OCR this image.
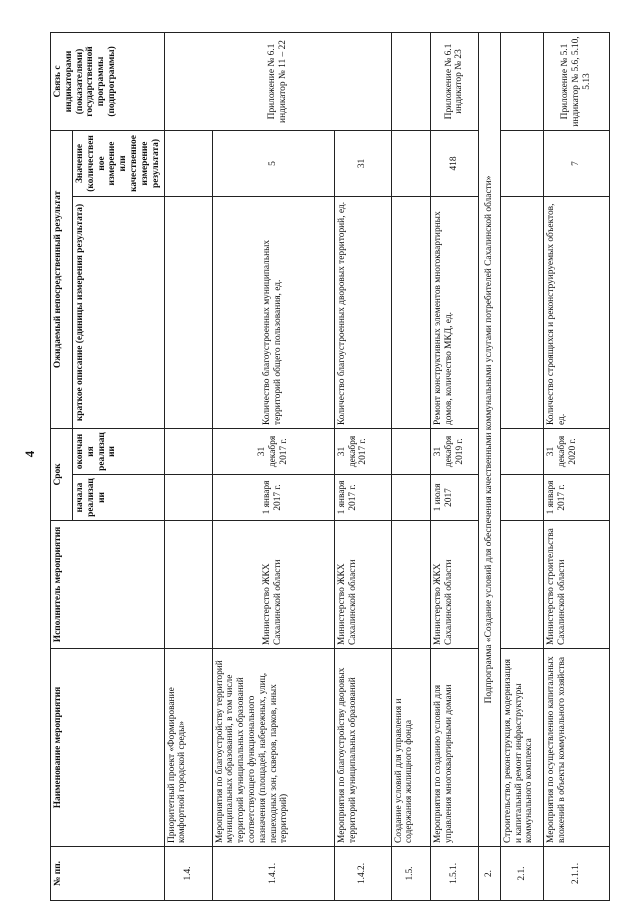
4
№ пп.	Наименование мероприятия	Исполнитель мероприятия	Срок		Ожидаемый непосредственный результат		Связь с индикаторами (показателями) государственной программы (подпрограммы)
			начала реализации	окончания реализации	краткое описание (единицы измерения результата)	Значение (количественное измерение или качественное измерение результата)	
1.4.	Приоритетный проект «Формирование комфортной городской среды»						Приложение № 6.1 индикатор № 11 – 22
1.4.1.	Мероприятия по благоустройству территорий муниципальных образований, в том числе территорий муниципальных образований соответствующего функционального назначения (площадей, набережных, улиц, пешеходных зон, скверов, парков, иных территорий)	Министерство ЖКХ Сахалинской области	1 января 2017 г.	31 декабря 2017 г.	Количество благоустроенных муниципальных территорий общего пользования, ед.	5	
1.4.2.	Мероприятия по благоустройству дворовых территорий муниципальных образований	Министерство ЖКХ Сахалинской области	1 января 2017 г.	31 декабря 2017 г.	Количество благоустроенных дворовых территорий, ед.	31	
1.5.	Создание условий для управления и содержания жилищного фонда						
1.5.1.	Мероприятия по созданию условий для управления многоквартирными домами	Министерство ЖКХ Сахалинской области	1 июля 2017	31 декабря 2019 г.	Ремонт конструктивных элементов многоквартирных домов, количество МКД, ед.	418	Приложение № 6.1 индикатор № 23
2.	Подпрограмма «Создание условий для обеспечения качественными коммунальными услугами потребителей Сахалинской области»						
2.1.	Строительство, реконструкция, модернизация и капитальный ремонт инфраструктуры коммунального комплекса						
2.1.1.	Мероприятия по осуществлению капитальных вложений в объекты коммунального хозяйства	Министерство строительства Сахалинской области	1 января 2017 г.	31 декабря 2020 г.	Количество строящихся и реконструируемых объектов, ед.	7	Приложение № 5.1 индикатор № 5.6, 5.10, 5.13
